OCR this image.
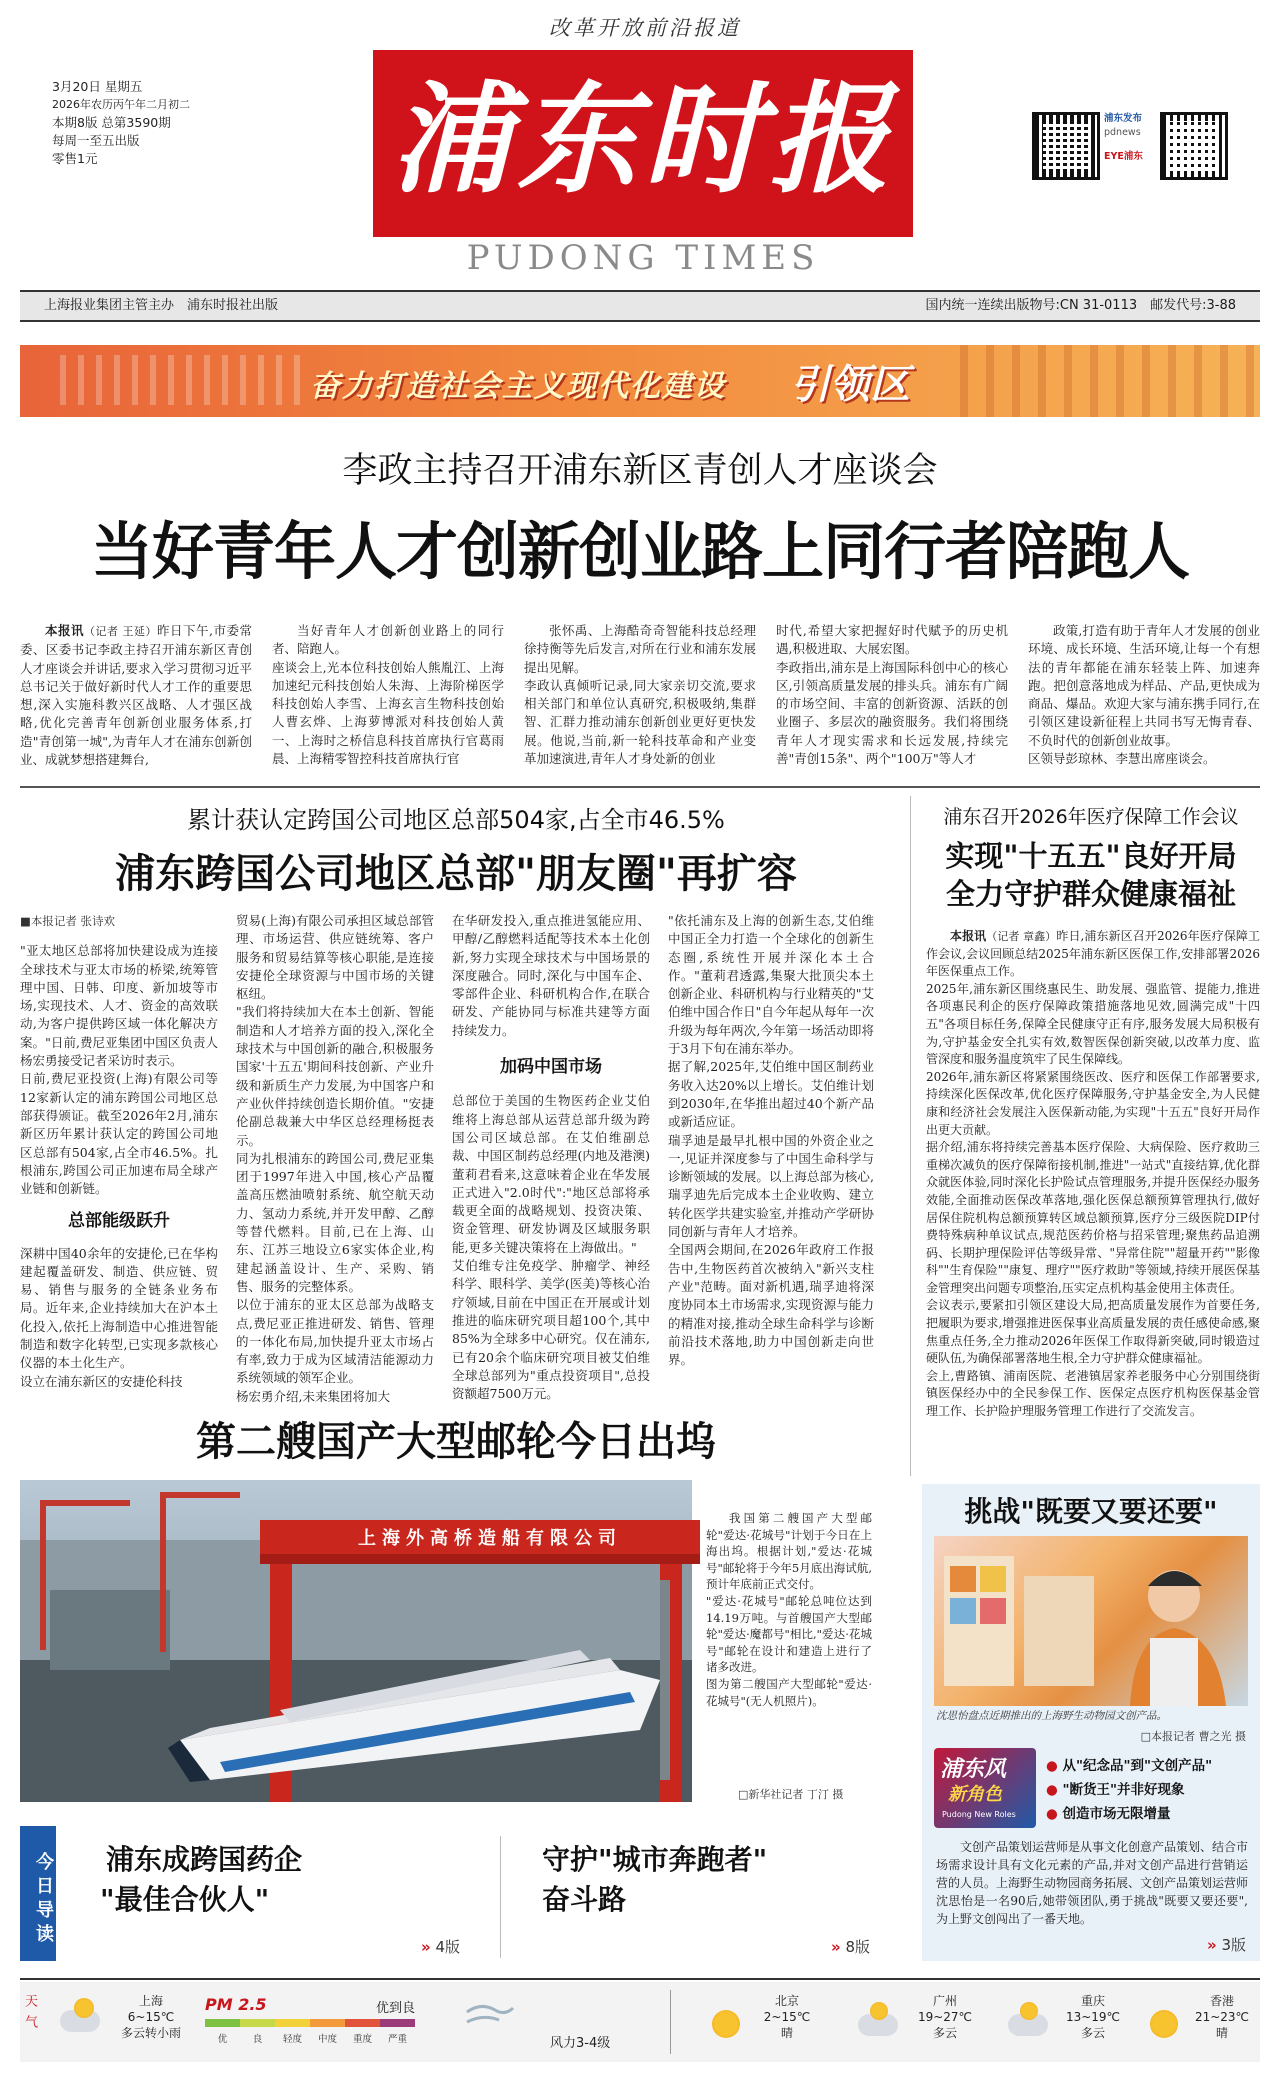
改革开放前沿报道
3月20日 星期五
2026年农历丙午年二月初二
本期8版 总第3590期
每周一至五出版
零售1元	浦东时报
PUDONG TIMES
浦东发布
pdnews
EYE浦东
上海报业集团主管主办　浦东时报社出版	国内统一连续出版物号:CN 31-0113　邮发代号:3-88
奋力打造社会主义现代化建设 引领区
李政主持召开浦东新区青创人才座谈会
当好青年人才创新创业路上同行者陪跑人

本报讯（记者 王延）昨日下午,市委常委、区委书记李政主持召开浦东新区青创人才座谈会并讲话,要求入学习贯彻习近平总书记关于做好新时代人才工作的重要思想,深入实施科教兴区战略、人才强区战略,优化完善青年创新创业服务体系,打造"青创第一城",为青年人才在浦东创新创业、成就梦想搭建舞台,

当好青年人才创新创业路上的同行者、陪跑人。
座谈会上,光本位科技创始人熊胤江、上海加速纪元科技创始人朱海、上海阶梯医学科技创始人李雪、上海玄言生物科技创始人曹玄烨、上海萝博派对科技创始人黄一、上海时之桥信息科技首席执行官葛雨晨、上海精零智控科技首席执行官
张怀禹、上海酷奇奇智能科技总经理徐持衡等先后发言,对所在行业和浦东发展提出见解。
李政认真倾听记录,同大家亲切交流,要求相关部门和单位认真研究,积极吸纳,集群智、汇群力推动浦东创新创业更好更快发展。他说,当前,新一轮科技革命和产业变革加速演进,青年人才身处新的创业
时代,希望大家把握好时代赋予的历史机遇,积极进取、大展宏图。
李政指出,浦东是上海国际科创中心的核心区,引领高质量发展的排头兵。浦东有广阔的市场空间、丰富的创新资源、活跃的创业圈子、多层次的融资服务。我们将围绕青年人才现实需求和长远发展,持续完善"青创15条"、两个"100万"等人才
政策,打造有助于青年人才发展的创业环境、成长环境、生活环境,让每一个有想法的青年都能在浦东轻装上阵、加速奔跑。把创意落地成为样品、产品,更快成为商品、爆品。欢迎大家与浦东携手同行,在引领区建设新征程上共同书写无悔青春、不负时代的创新创业故事。
区领导彭琼林、李慧出席座谈会。
累计获认定跨国公司地区总部504家,占全市46.5%
浦东跨国公司地区总部"朋友圈"再扩容
■本报记者 张诗欢
"亚太地区总部将加快建设成为连接全球技术与亚太市场的桥梁,统筹管理中国、日韩、印度、新加坡等市场,实现技术、人才、资金的高效联动,为客户提供跨区域一体化解决方案。"日前,费尼亚集团中国区负责人杨宏勇接受记者采访时表示。
日前,费尼亚投资(上海)有限公司等12家新认定的浦东跨国公司地区总部获得颁证。截至2026年2月,浦东新区历年累计获认定的跨国公司地区总部有504家,占全市46.5%。扎根浦东,跨国公司正加速布局全球产业链和创新链。
总部能级跃升
深耕中国40余年的安捷伦,已在华构建起覆盖研发、制造、供应链、贸易、销售与服务的全链条业务布局。近年来,企业持续加大在沪本土化投入,依托上海制造中心推进智能制造和数字化转型,已实现多款核心仪器的本土化生产。
设立在浦东新区的安捷伦科技
贸易(上海)有限公司承担区域总部管理、市场运营、供应链统筹、客户服务和贸易结算等核心职能,是连接安捷伦全球资源与中国市场的关键枢纽。
"我们将持续加大在本土创新、智能制造和人才培养方面的投入,深化全球技术与中国创新的融合,积极服务国家'十五五'期间科技创新、产业升级和新质生产力发展,为中国客户和产业伙伴持续创造长期价值。"安捷伦副总裁兼大中华区总经理杨挺表示。
同为扎根浦东的跨国公司,费尼亚集团于1997年进入中国,核心产品覆盖高压燃油喷射系统、航空航天动力、氢动力系统,并开发甲醇、乙醇等替代燃料。目前,已在上海、山东、江苏三地设立6家实体企业,构建起涵盖设计、生产、采购、销售、服务的完整体系。
以位于浦东的亚太区总部为战略支点,费尼亚正推进研发、销售、管理的一体化布局,加快提升亚太市场占有率,致力于成为区域清洁能源动力系统领域的领军企业。
杨宏勇介绍,未来集团将加大
在华研发投入,重点推进氢能应用、甲醇/乙醇燃料适配等技术本土化创新,努力实现全球技术与中国场景的深度融合。同时,深化与中国车企、零部件企业、科研机构合作,在联合研发、产能协同与标准共建等方面持续发力。
加码中国市场
总部位于美国的生物医药企业艾伯维将上海总部从运营总部升级为跨国公司区域总部。在艾伯维副总裁、中国区制药总经理(内地及港澳)董莉君看来,这意味着企业在华发展正式进入"2.0时代":"地区总部将承载更全面的战略规划、投资决策、资金管理、研发协调及区域服务职能,更多关键决策将在上海做出。"
艾伯维专注免疫学、肿瘤学、神经科学、眼科学、美学(医美)等核心治疗领域,目前在中国正在开展或计划推进的临床研究项目超100个,其中85%为全球多中心研究。仅在浦东,已有20余个临床研究项目被艾伯维全球总部列为"重点投资项目",总投资额超7500万元。
"依托浦东及上海的创新生态,艾伯维中国正全力打造一个全球化的创新生态圈,系统性开展并深化本土合作。"董莉君透露,集聚大批顶尖本土创新企业、科研机构与行业精英的"艾伯维中国合作日"自今年起从每年一次升级为每年两次,今年第一场活动即将于3月下旬在浦东举办。
据了解,2025年,艾伯维中国区制药业务收入达20%以上增长。艾伯维计划到2030年,在华推出超过40个新产品或新适应证。
瑞孚迪是最早扎根中国的外资企业之一,见证并深度参与了中国生命科学与诊断领域的发展。以上海总部为核心,瑞孚迪先后完成本土企业收购、建立转化医学共建实验室,并推动产学研协同创新与青年人才培养。
全国两会期间,在2026年政府工作报告中,生物医药首次被纳入"新兴支柱产业"范畴。面对新机遇,瑞孚迪将深度协同本土市场需求,实现资源与能力的精准对接,推动全球生命科学与诊断前沿技术落地,助力中国创新走向世界。
浦东召开2026年医疗保障工作会议
实现"十五五"良好开局
全力守护群众健康福祉

本报讯（记者 章鑫）昨日,浦东新区召开2026年医疗保障工作会议,会议回顾总结2025年浦东新区医保工作,安排部署2026年医保重点工作。
2025年,浦东新区围绕惠民生、助发展、强监管、提能力,推进各项惠民利企的医疗保障政策措施落地见效,圆满完成"十四五"各项目标任务,保障全民健康守正有序,服务发展大局积极有为,守护基金安全扎实有效,数智医保创新突破,以改革力度、监管深度和服务温度筑牢了民生保障线。
2026年,浦东新区将紧紧围绕医改、医疗和医保工作部署要求,持续深化医保改革,优化医疗保障服务,守护基金安全,为人民健康和经济社会发展注入医保新动能,为实现"十五五"良好开局作出更大贡献。
据介绍,浦东将持续完善基本医疗保险、大病保险、医疗救助三重梯次减负的医疗保障衔接机制,推进"一站式"直接结算,优化群众就医体验,同时深化长护险试点管理服务,并提升医保经办服务效能,全面推动医保改革落地,强化医保总额预算管理执行,做好居保住院机构总额预算转区域总额预算,医疗分三级医院DIP付费特殊病种单议试点,规范医药价格与招采管理;聚焦药品追溯码、长期护理保险评估等级异常、"异常住院""超量开药""影像科""生育保险""康复、理疗""医疗救助"等领域,持续开展医保基金管理突出问题专项整治,压实定点机构基金使用主体责任。
会议表示,要紧扣引领区建设大局,把高质量发展作为首要任务,把履职为要求,增强推进医保事业高质量发展的责任感使命感,聚焦重点任务,全力推动2026年医保工作取得新突破,同时锻造过硬队伍,为确保部署落地生根,全力守护群众健康福祉。
会上,曹路镇、浦南医院、老港镇居家养老服务中心分别围绕街镇医保经办中的全民参保工作、医保定点医疗机构医保基金管理工作、长护险护理服务管理工作进行了交流发言。

第二艘国产大型邮轮今日出坞
上海外高桥造船有限公司
我国第二艘国产大型邮轮"爱达·花城号"计划于今日在上海出坞。根据计划,"爱达·花城号"邮轮将于今年5月底出海试航,预计年底前正式交付。
"爱达·花城号"邮轮总吨位达到14.19万吨。与首艘国产大型邮轮"爱达·魔都号"相比,"爱达·花城号"邮轮在设计和建造上进行了诸多改进。
图为第二艘国产大型邮轮"爱达·花城号"(无人机照片)。
□新华社记者 丁汀 摄
挑战"既要又要还要"
沈思怡盘点近期推出的上海野生动物园文创产品。
□本报记者 曹之光 摄
浦东风
新角色
Pudong New Roles
● 从"纪念品"到"文创产品"
● "断货王"并非好现象
● 创造市场无限增量
文创产品策划运营师是从事文化创意产品策划、结合市场需求设计具有文化元素的产品,并对文创产品进行营销运营的人员。上海野生动物园商务拓展、文创产品策划运营师沈思怡是一名90后,她带领团队,勇于挑战"既要又要还要",为上野文创闯出了一番天地。
» 3版
今日导读 浦东成跨国药企
"最佳合伙人"
» 4版
守护"城市奔跑者"
奋斗路
» 8版
天气	上海
6~15℃
多云转小雨
PM 2.5	优到良
优	良	轻度	中度	重度	严重	风力3-4级
北京
2~15℃
晴
广州
19~27℃
多云
重庆
13~19℃
多云
香港
21~23℃
晴
